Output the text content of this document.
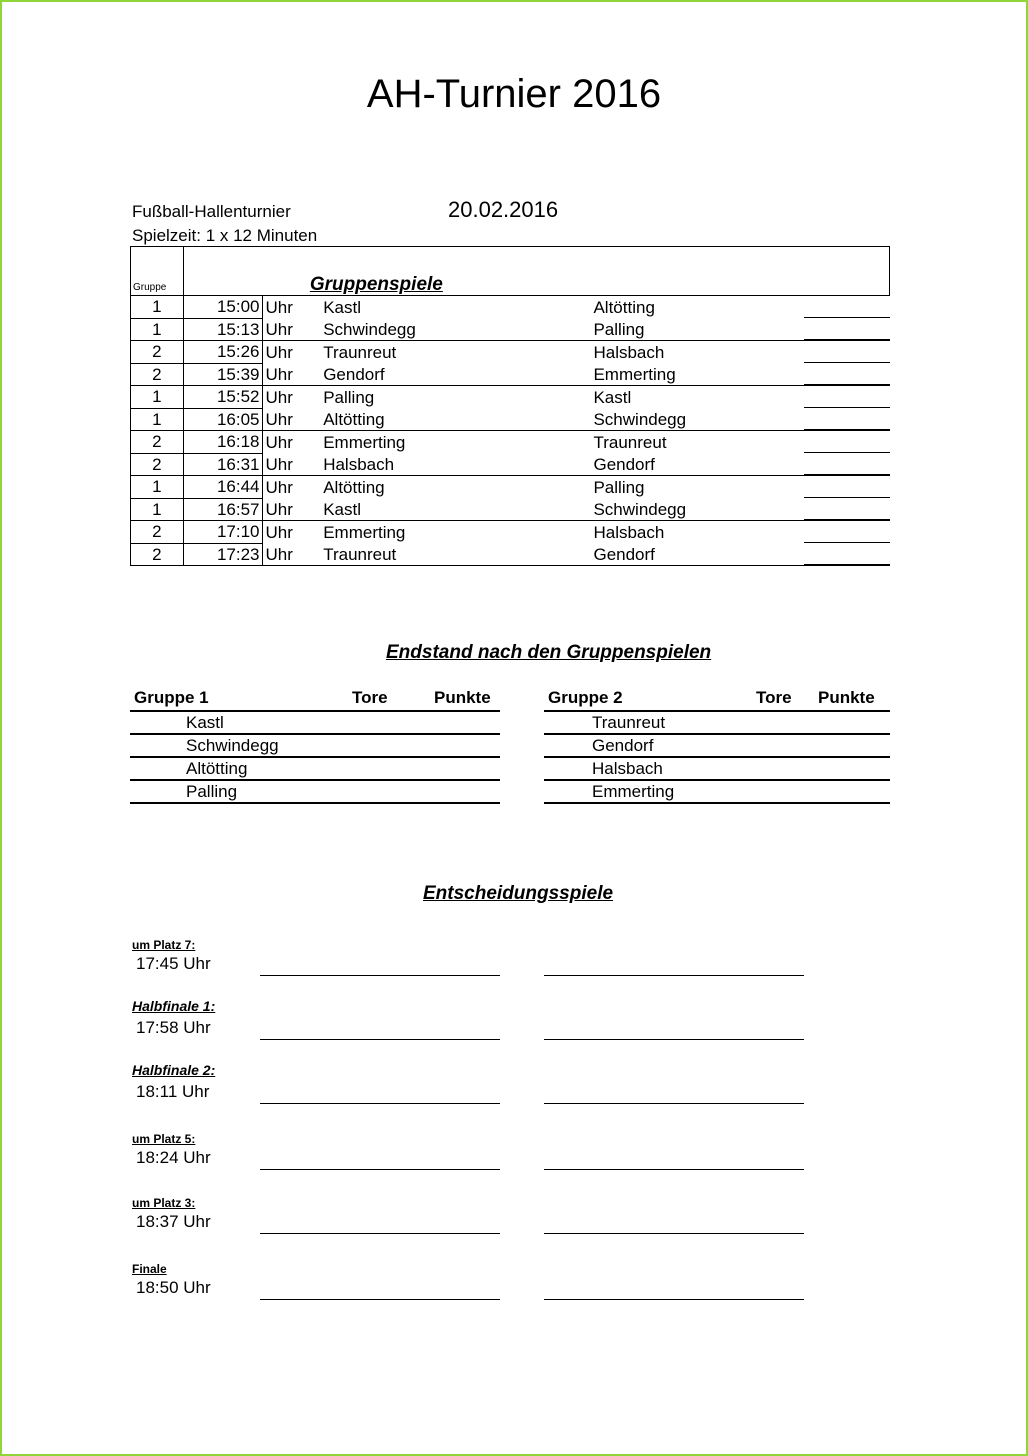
AH-Turnier 2016
Fußball-Hallenturnier
Spielzeit: 1 x 12 Minuten
20.02.2016
Gruppe	Gruppenspiele				
1	15:00	Uhr	Kastl	Altötting	

1	15:13	Uhr	Schwindegg	Palling	

2	15:26	Uhr	Traunreut	Halsbach	

2	15:39	Uhr	Gendorf	Emmerting	

1	15:52	Uhr	Palling	Kastl	

1	16:05	Uhr	Altötting	Schwindegg	

2	16:18	Uhr	Emmerting	Traunreut	

2	16:31	Uhr	Halsbach	Gendorf	

1	16:44	Uhr	Altötting	Palling	

1	16:57	Uhr	Kastl	Schwindegg	

2	17:10	Uhr	Emmerting	Halsbach	

2	17:23	Uhr	Traunreut	Gendorf	
Endstand nach den Gruppenspielen
Gruppe 1	Tore	Punkte
Kastl
Schwindegg
Altötting
Palling
Gruppe 2	Tore Punkte
Traunreut
Gendorf
Halsbach
Emmerting
Entscheidungsspiele
um Platz 7:
17:45 Uhr
Halbfinale 1:
17:58 Uhr
Halbfinale 2:
18:11 Uhr
um Platz 5:
18:24 Uhr
um Platz 3:
18:37 Uhr
Finale
18:50 Uhr
